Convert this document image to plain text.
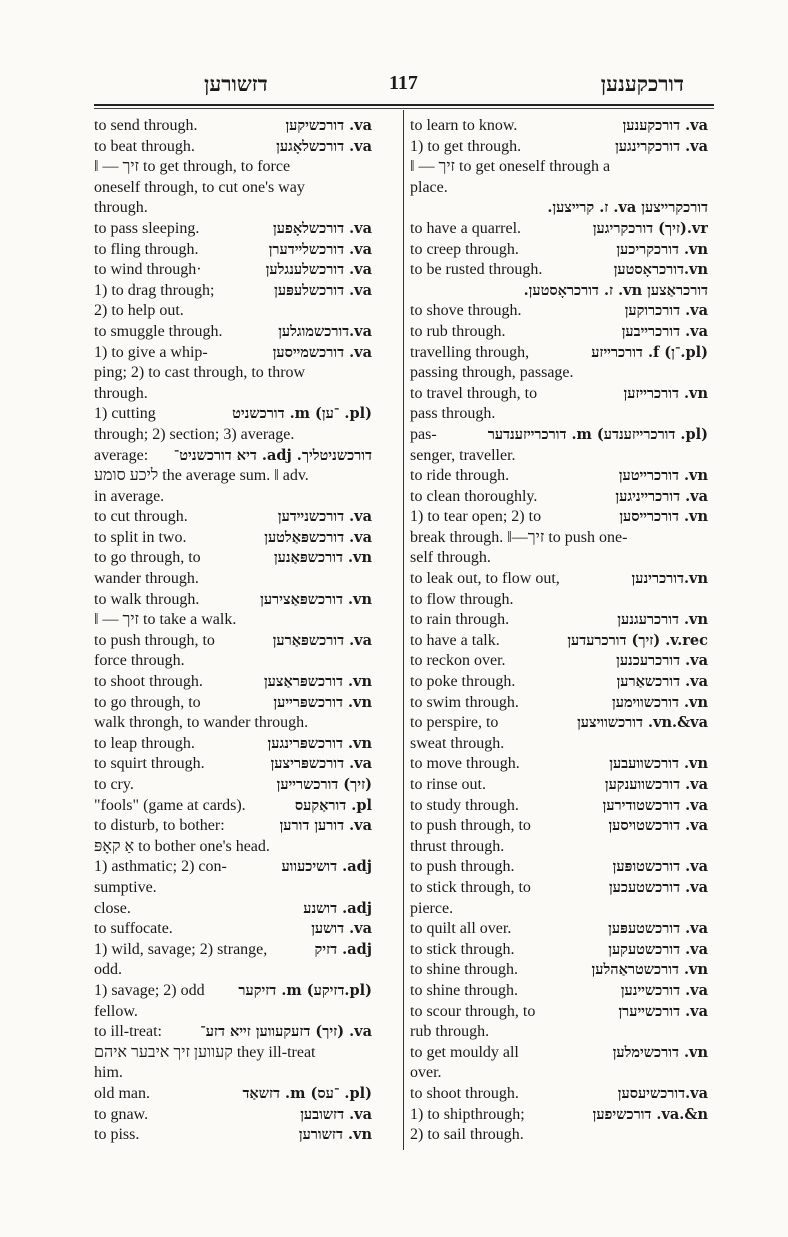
דזשורען	117	דורכקענען
to send through.	va. דורכשיקען
to beat through.	va. דורכשלאָגען
‖ — זיך to get through, to force
oneself through, to cut one's way
through.
to pass sleeping.	va. דורכשלאָפען
to fling through.	va. דורכשלײדערן
to wind through·	va. דורכשלענגלען
1) to drag through;	va. דורכשלעפּען
2) to help out.
to smuggle through.	va.דורכשמוגלען
1) to give a whip-	va. דורכשמײסען
ping; 2) to cast through, to throw
through.
1) cutting	(pl. ־ען) m. דורכשניט
through; 2) section; 3) average.
average: דורכשניטליך. adj. דיא דורכשניט־
ליכע סומע the average sum. ‖ adv.
in average.
to cut through.	va. דורכשנײדען
to split in two.	va. דורכשפּאַלטען
to go through, to	vn. דורכשפּאַנען
wander through.
to walk through.	vn. דורכשפּאַצירען
‖ — זיך to take a walk.
to push through, to	va. דורכשפּאַרען
force through.
to shoot through.	vn. דורכשפּראַצען
to go through, to	vn. דורכשפּרײען
walk throngh, to wander through.
to leap through.	vn. דורכשפּרינגען
to squirt through.	va. דורכשפּריצען
to cry.	(זיך) דורכשרײען
"fools" (game at cards).	pl. דוראַקעס
to disturb, to bother:	va. דורען דורען
אַ קאָפּ to bother one's head.
1) asthmatic; 2) con-	adj. דושיכעווע
sumptive.
close.	adj. דושנע
to suffocate.	va. דושען
1) wild, savage; 2) strange,	adj. דזיק
odd.
1) savage; 2) odd (pl.דזיקע) m. דזיקער
fellow.
to ill-treat:	va. (זיך) דזעקעווען זײא דזע־
קעווען זיך איבער איהם they ill-treat
him.
old man.	(pl. ־עס) m. דזשאַד
to gnaw.	va. דזשובען
to piss.	vn. דזשורען
to learn to know.	va. דורכקענען
1) to get through.	va. דורכקרינגען
‖ — זיך to get oneself through a
place.
דורכקרײצען va. ז. קרײצען.
to have a quarrel.	vr.(זיך) דורכקריגען
to creep through.	vn. דורכקריכען
to be rusted through.	vn.דורכראָסטען
דורכראַצען vn. ז. דורכראָסטען.
to shove through.	va. דורכרוקען
to rub through.	va. דורכרײבען
travelling through,	(pl.־ן) f. דורכרײזע
passing through, passage.
to travel through, to	vn. דורכרײזען
pass through.
pas-	(pl. דורכרײזענדע) m. דורכרײזענדער
senger, traveller.
to ride through.	vn. דורכרײטען
to clean thoroughly.	va. דורכרײניגען
1) to tear open; 2) to	vn. דורכרײסען
break through. ‖—זיך to push one-
self through.
to leak out, to flow out,	vn.דורכרינען
to flow through.
to rain through.	vn. דורכרעגנען
to have a talk.	v.rec. (זיך) דורכרעדען
to reckon over.	va. דורכרעכנען
to poke through.	va. דורכשאַרען
to swim through.	vn. דורכשווימען
to perspire, to	vn.&va. דורכשוויצען
sweat through.
to move through.	vn. דורכשוועבען
to rinse out.	va. דורכשווענקען
to study through.	va. דורכשטודירען
to push through, to	va. דורכשטויסען
thrust through.
to push through.	va. דורכשטופּען
to stick through, to	va. דורכשטעכען
pierce.
to quilt all over.	va. דורכשטעפּען
to stick through.	va. דורכשטעקען
to shine through.	vn. דורכשטראַהלען
to shine through.	va. דורכשײנען
to scour through, to	va. דורכשײערן
rub through.
to get mouldy all	vn. דורכשימלען
over.
to shoot through.	va.דורכשיעסען
1) to shipthrough;	va.&n. דורכשיפען
2) to sail through.
